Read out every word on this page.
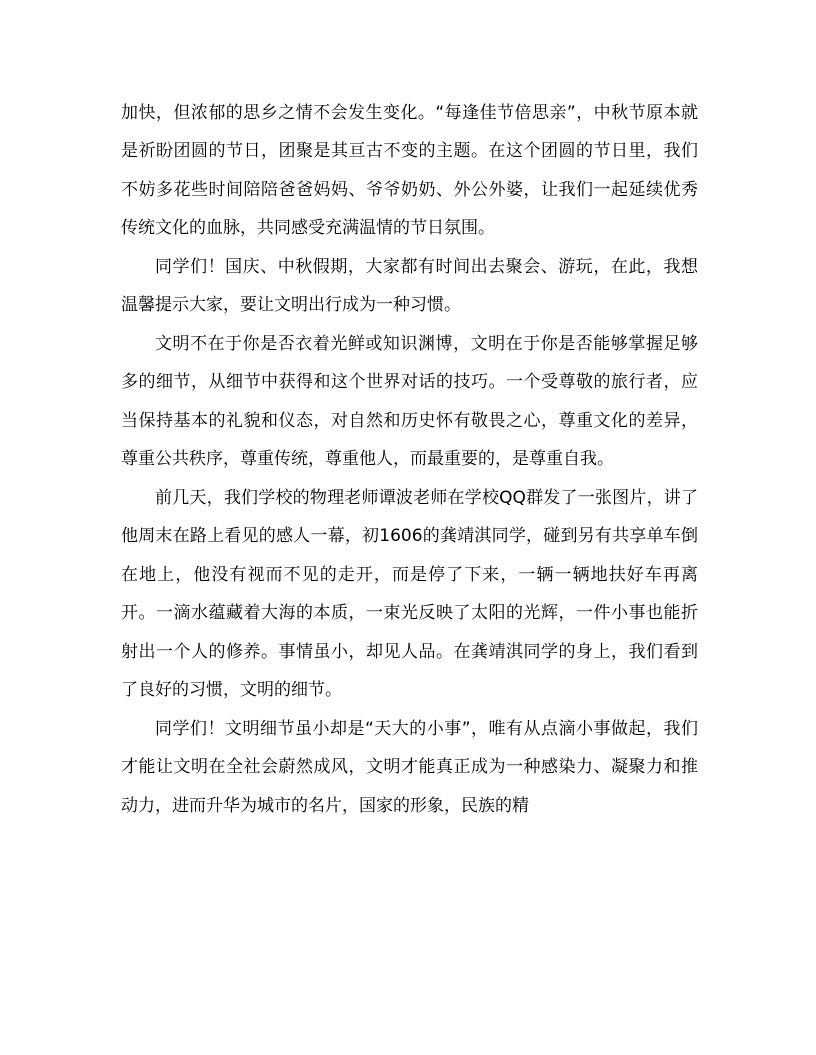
加快，但浓郁的思乡之情不会发生变化。“每逢佳节倍思亲”，中秋节原本就是祈盼团圆的节日，团聚是其亘古不变的主题。在这个团圆的节日里，我们不妨多花些时间陪陪爸爸妈妈、爷爷奶奶、外公外婆，让我们一起延续优秀传统文化的血脉，共同感受充满温情的节日氛围。

同学们！国庆、中秋假期，大家都有时间出去聚会、游玩，在此，我想温馨提示大家，要让文明出行成为一种习惯。

文明不在于你是否衣着光鲜或知识渊博，文明在于你是否能够掌握足够多的细节，从细节中获得和这个世界对话的技巧。一个受尊敬的旅行者，应当保持基本的礼貌和仪态，对自然和历史怀有敬畏之心，尊重文化的差异，尊重公共秩序，尊重传统，尊重他人，而最重要的，是尊重自我。

前几天，我们学校的物理老师谭波老师在学校QQ群发了一张图片，讲了他周末在路上看见的感人一幕，初1606的龚靖淇同学，碰到另有共享单车倒在地上，他没有视而不见的走开，而是停了下来，一辆一辆地扶好车再离开。一滴水蕴藏着大海的本质，一束光反映了太阳的光辉，一件小事也能折射出一个人的修养。事情虽小，却见人品。在龚靖淇同学的身上，我们看到了良好的习惯，文明的细节。

同学们！文明细节虽小却是“天大的小事”，唯有从点滴小事做起，我们才能让文明在全社会蔚然成风，文明才能真正成为一种感染力、凝聚力和推动力，进而升华为城市的名片，国家的形象，民族的精
